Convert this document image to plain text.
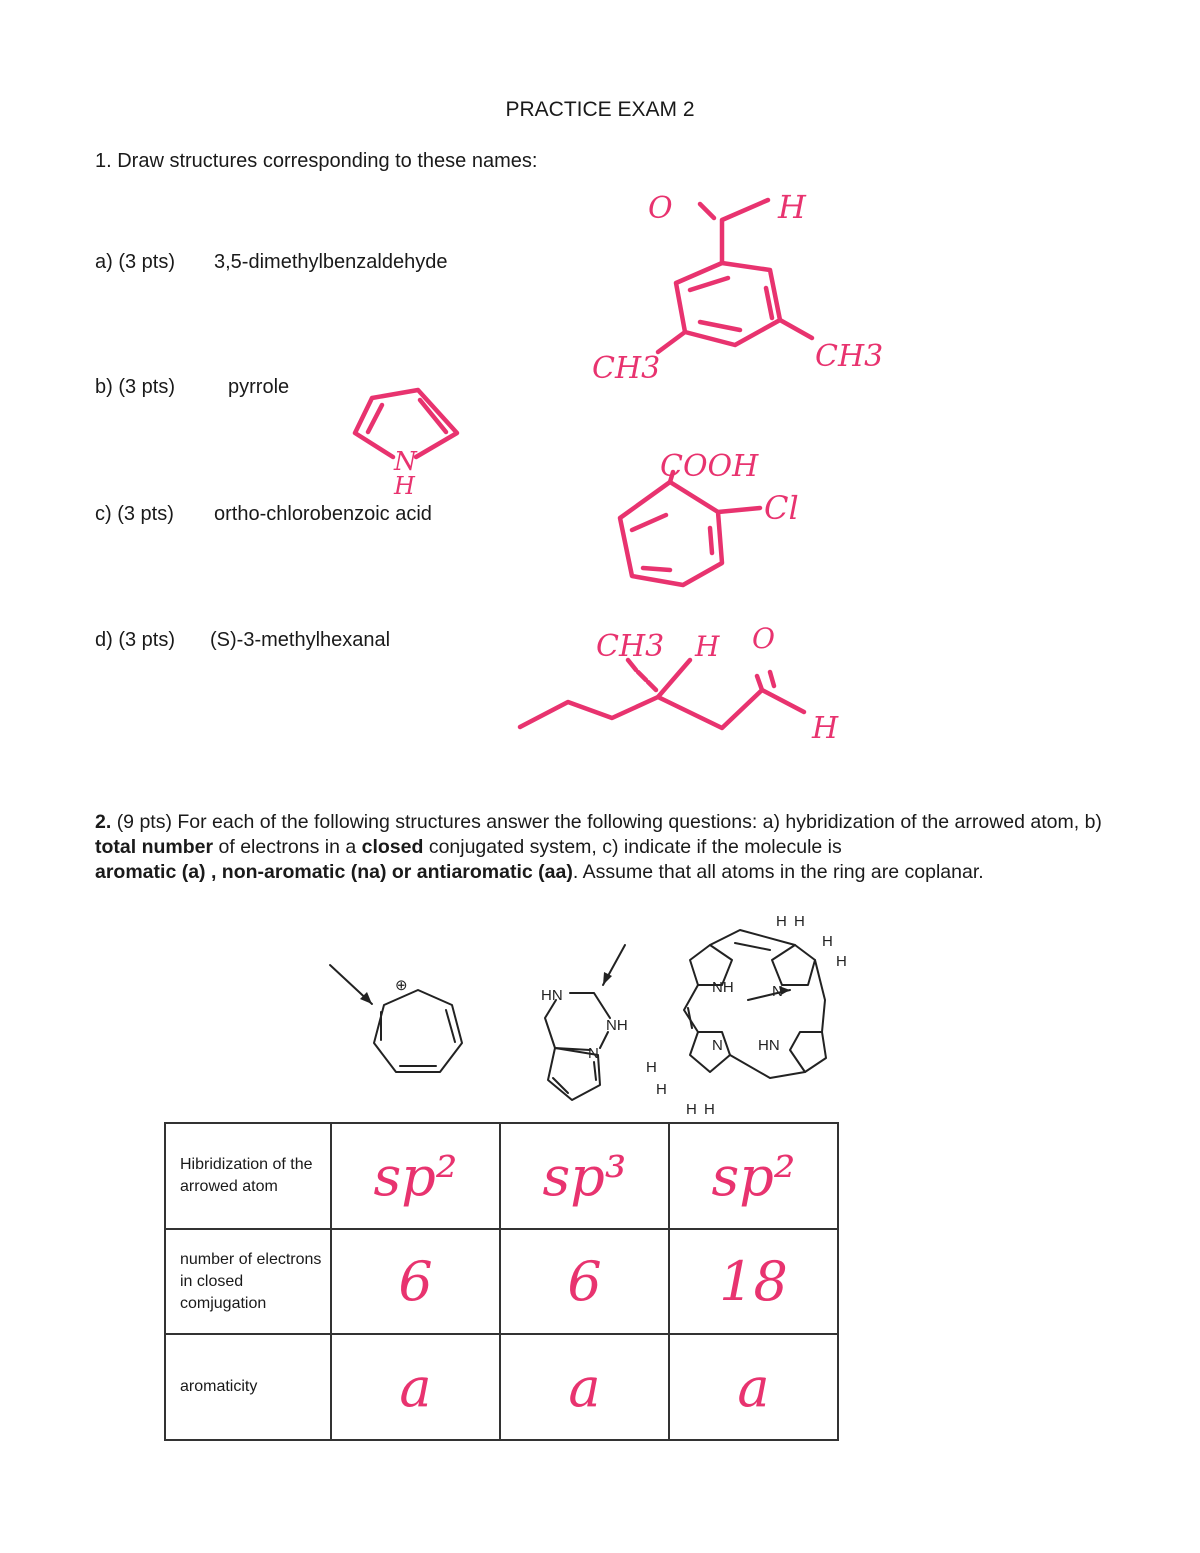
PRACTICE EXAM 2
1. Draw structures corresponding to these names:
a) (3 pts) 3,5-dimethylbenzaldehyde
b) (3 pts)	pyrrole
c) (3 pts) ortho-chlorobenzoic acid
d) (3 pts) (S)-3-methylhexanal
2. (9 pts) For each of the following structures answer the following questions: a) hybridization of the arrowed atom, b) total number of electrons in a closed conjugated system, c) indicate if the molecule is
aromatic (a) , non-aromatic (na) or antiaromatic (aa). Assume that all atoms in the ring are coplanar.
O	H
CH3	CH3
N
H
COOH
Cl
CH3 H O
H
⊕
HN
NH
N
NH	N
N HN
H H
H
H
H
H
H H
Hibridization of the arrowed atom	sp²	sp³	sp²
number of electrons in closed comjugation	6	6	18
aromaticity	a	a	a
